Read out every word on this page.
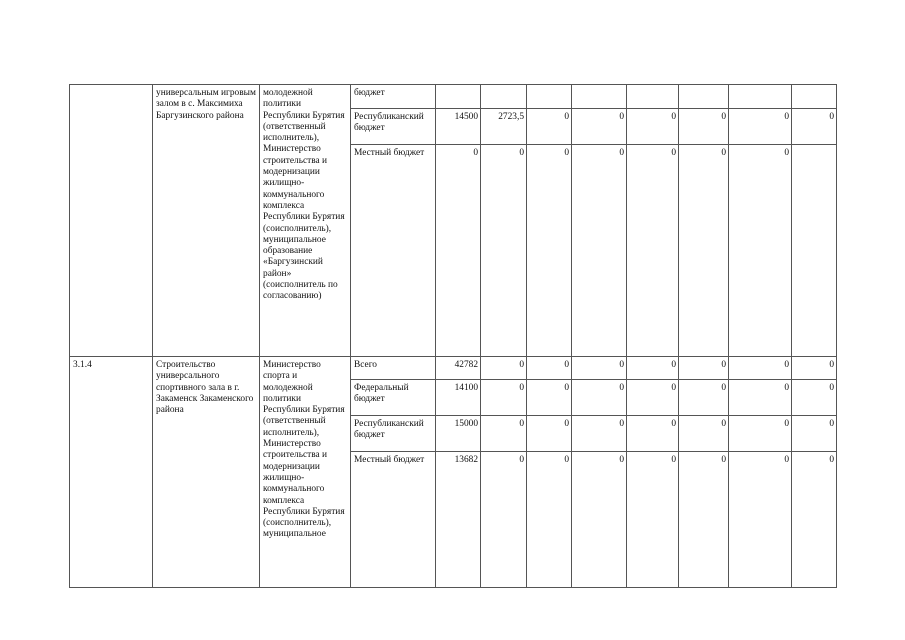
	универсальным игровым залом в с. Максимиха Баргузинского района	молодежной политики Республики Бурятия (ответственный исполнитель), Министерство строительства и модернизации жилищно-коммунального комплекса Республики Бурятия (соисполнитель), муниципальное образование «Баргузинский район» (соисполнитель по согласованию)	бюджет								
			Республиканский бюджет	14500	2723,5	0	0	0	0	0	0
			Местный бюджет	0	0	0	0	0	0	0	
3.1.4	Строительство универсального спортивного зала в г. Закаменск Закаменского района	Министерство спорта и молодежной политики Республики Бурятия (ответственный исполнитель), Министерство строительства и модернизации жилищно-коммунального комплекса Республики Бурятия (соисполнитель), муниципальное	Всего	42782	0	0	0	0	0	0	0
			Федеральный бюджет	14100	0	0	0	0	0	0	0
			Республиканский бюджет	15000	0	0	0	0	0	0	0
			Местный бюджет	13682	0	0	0	0	0	0	0
